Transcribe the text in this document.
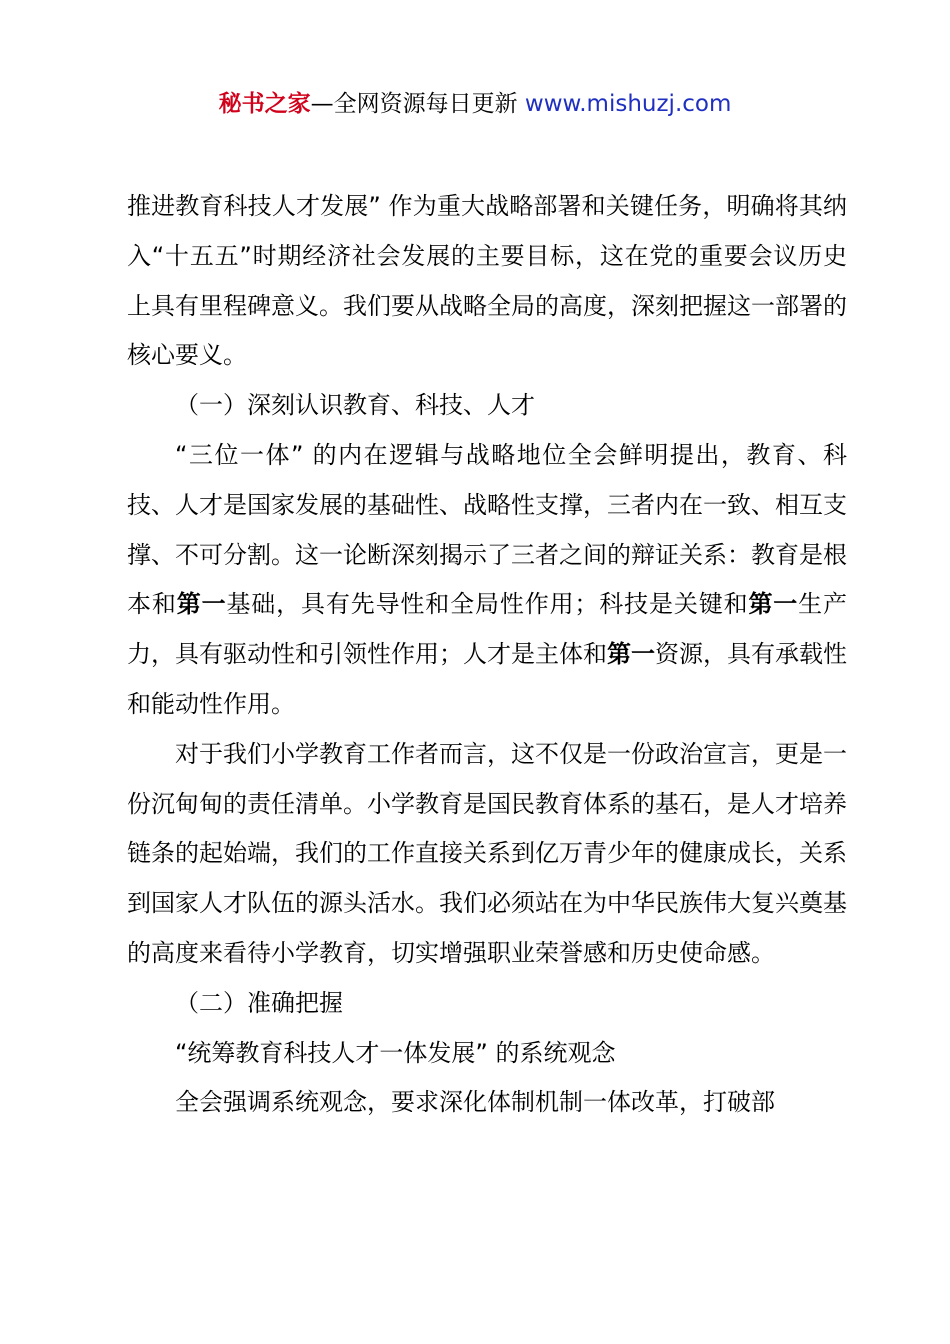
秘书之家—全网资源每日更新 www.mishuzj.com

推进教育科技人才发展” 作为重大战略部署和关键任务，明确将其纳入“十五五”时期经济社会发展的主要目标，这在党的重要会议历史上具有里程碑意义。我们要从战略全局的高度，深刻把握这一部署的核心要义。

（一）深刻认识教育、科技、人才

“三位一体” 的内在逻辑与战略地位全会鲜明提出，教育、科技、人才是国家发展的基础性、战略性支撑，三者内在一致、相互支撑、不可分割。这一论断深刻揭示了三者之间的辩证关系：教育是根本和第一基础，具有先导性和全局性作用；科技是关键和第一生产力，具有驱动性和引领性作用；人才是主体和第一资源，具有承载性和能动性作用。

对于我们小学教育工作者而言，这不仅是一份政治宣言，更是一份沉甸甸的责任清单。小学教育是国民教育体系的基石，是人才培养链条的起始端，我们的工作直接关系到亿万青少年的健康成长，关系到国家人才队伍的源头活水。我们必须站在为中华民族伟大复兴奠基的高度来看待小学教育，切实增强职业荣誉感和历史使命感。

（二）准确把握

“统筹教育科技人才一体发展” 的系统观念

全会强调系统观念，要求深化体制机制一体改革，打破部
